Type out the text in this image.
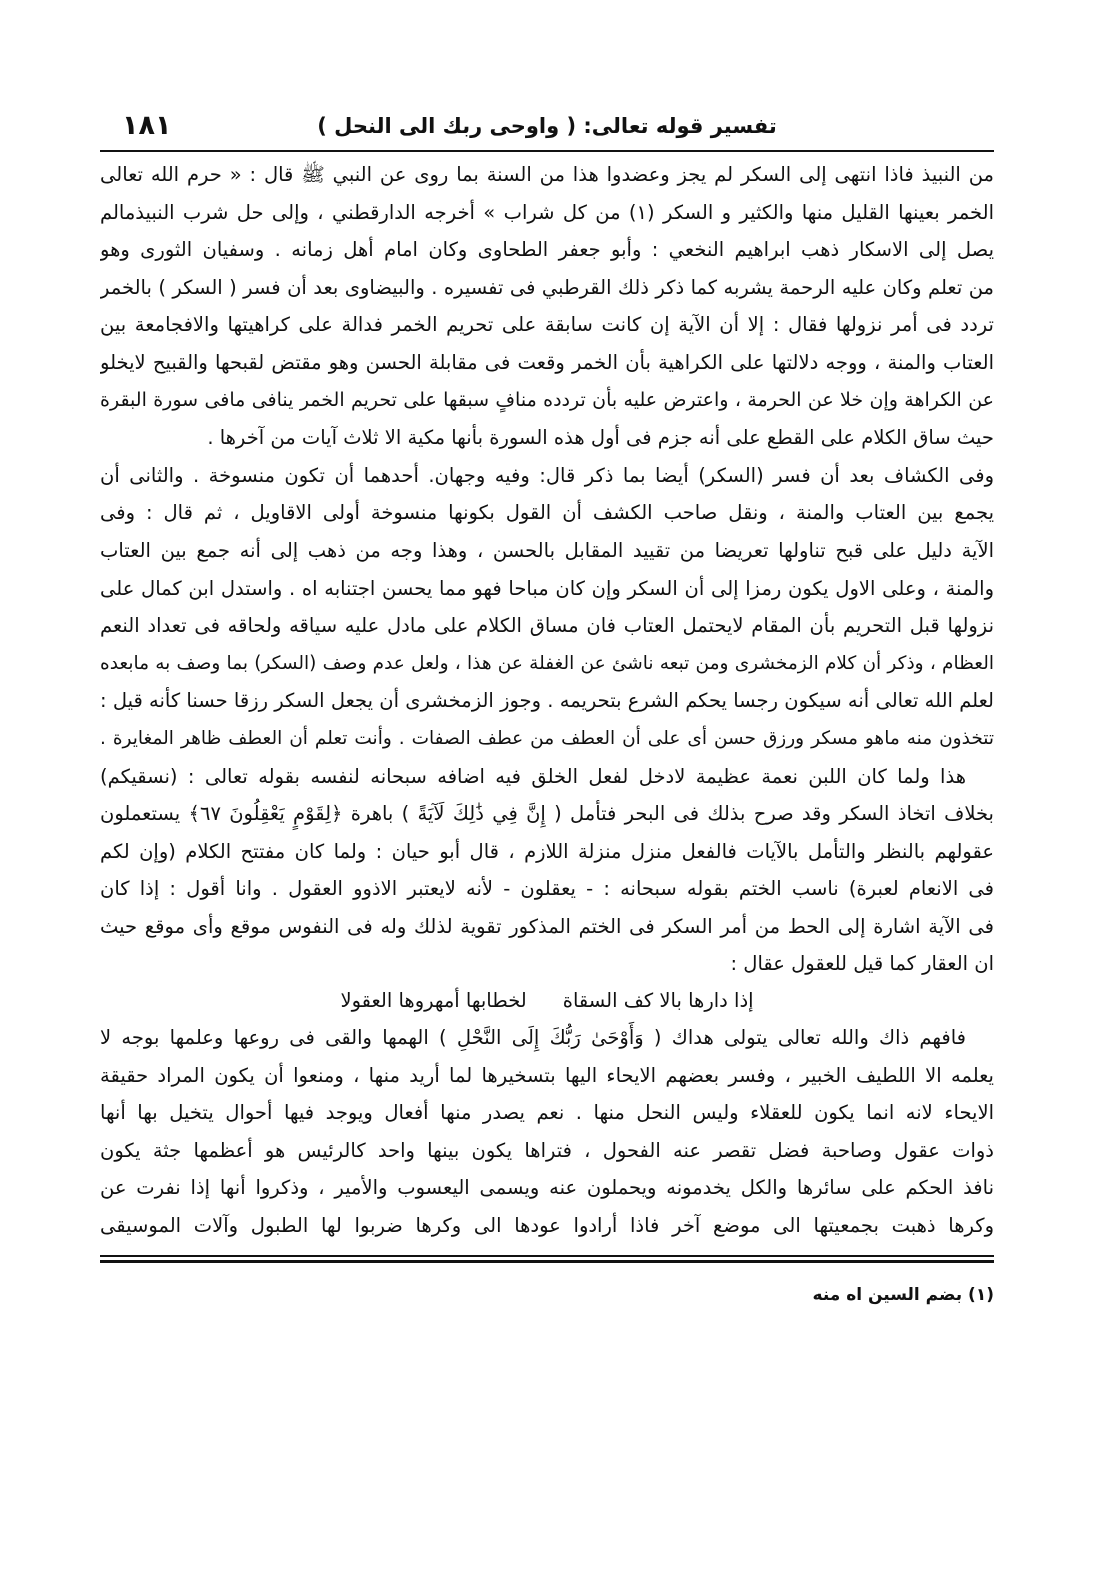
١٨١	تفسير قوله تعالى: ( واوحى ربك الى النحل )
من النبيذ فاذا انتهى إلى السكر لم يجز وعضدوا هذا من السنة بما روى عن النبي ﷺ قال : « حرم الله تعالى
الخمر بعينها القليل منها والكثير و السكر (١) من كل شراب » أخرجه الدارقطني ، وإلى حل شرب النبيذمالم
يصل إلى الاسكار ذهب ابراهيم النخعي : وأبو جعفر الطحاوى وكان امام أهل زمانه . وسفيان الثورى وهو
من تعلم وكان عليه الرحمة يشربه كما ذكر ذلك القرطبي فى تفسيره . والبيضاوى بعد أن فسر ( السكر ) بالخمر
تردد فى أمر نزولها فقال : إلا أن الآية إن كانت سابقة على تحريم الخمر فدالة على كراهيتها والافجامعة بين
العتاب والمنة ، ووجه دلالتها على الكراهية بأن الخمر وقعت فى مقابلة الحسن وهو مقتض لقبحها والقبيح لايخلو
عن الكراهة وإن خلا عن الحرمة ، واعترض عليه بأن تردده منافٍ سبقها على تحريم الخمر ينافى مافى سورة البقرة
حيث ساق الكلام على القطع على أنه جزم فى أول هذه السورة بأنها مكية الا ثلاث آيات من آخرها .
وفى الكشاف بعد أن فسر (السكر) أيضا بما ذكر قال: وفيه وجهان. أحدهما أن تكون منسوخة . والثانى أن
يجمع بين العتاب والمنة ، ونقل صاحب الكشف أن القول بكونها منسوخة أولى الاقاويل ، ثم قال : وفى
الآية دليل على قبح تناولها تعريضا من تقييد المقابل بالحسن ، وهذا وجه من ذهب إلى أنه جمع بين العتاب
والمنة ، وعلى الاول يكون رمزا إلى أن السكر وإن كان مباحا فهو مما يحسن اجتنابه اه . واستدل ابن كمال على
نزولها قبل التحريم بأن المقام لايحتمل العتاب فان مساق الكلام على مادل عليه سياقه ولحاقه فى تعداد النعم
العظام ، وذكر أن كلام الزمخشرى ومن تبعه ناشئ عن الغفلة عن هذا ، ولعل عدم وصف (السكر) بما وصف به مابعده
لعلم الله تعالى أنه سيكون رجسا يحكم الشرع بتحريمه . وجوز الزمخشرى أن يجعل السكر رزقا حسنا كأنه قيل :
تتخذون منه ماهو مسكر ورزق حسن أى على أن العطف من عطف الصفات . وأنت تعلم أن العطف ظاهر المغايرة .
هذا ولما كان اللبن نعمة عظيمة لادخل لفعل الخلق فيه اضافه سبحانه لنفسه بقوله تعالى : (نسقيكم)
بخلاف اتخاذ السكر وقد صرح بذلك فى البحر فتأمل ( إِنَّ فِي ذَٰلِكَ لَآيَةً ) باهرة ﴿لِقَوْمٍ يَعْقِلُونَ ٦٧﴾ يستعملون
عقولهم بالنظر والتأمل بالآيات فالفعل منزل منزلة اللازم ، قال أبو حيان : ولما كان مفتتح الكلام (وإن لكم
فى الانعام لعبرة) ناسب الختم بقوله سبحانه : - يعقلون - لأنه لايعتبر الاذوو العقول . وانا أقول : إذا كان
فى الآية اشارة إلى الحط من أمر السكر فى الختم المذكور تقوية لذلك وله فى النفوس موقع وأى موقع حيث
ان العقار كما قيل للعقول عقال :
إذا دارها بالا كف السقاة
لخطابها أمهروها العقولا
فافهم ذاك والله تعالى يتولى هداك ( وَأَوْحَىٰ رَبُّكَ إِلَى النَّحْلِ ) الهمها والقى فى روعها وعلمها بوجه لا
يعلمه الا اللطيف الخبير ، وفسر بعضهم الايحاء اليها بتسخيرها لما أريد منها ، ومنعوا أن يكون المراد حقيقة
الايحاء لانه انما يكون للعقلاء وليس النحل منها . نعم يصدر منها أفعال ويوجد فيها أحوال يتخيل بها أنها
ذوات عقول وصاحبة فضل تقصر عنه الفحول ، فتراها يكون بينها واحد كالرئيس هو أعظمها جثة يكون
نافذ الحكم على سائرها والكل يخدمونه ويحملون عنه ويسمى اليعسوب والأمير ، وذكروا أنها إذا نفرت عن
وكرها ذهبت بجمعيتها الى موضع آخر فاذا أرادوا عودها الى وكرها ضربوا لها الطبول وآلات الموسيقى
(١) بضم السين اه منه
